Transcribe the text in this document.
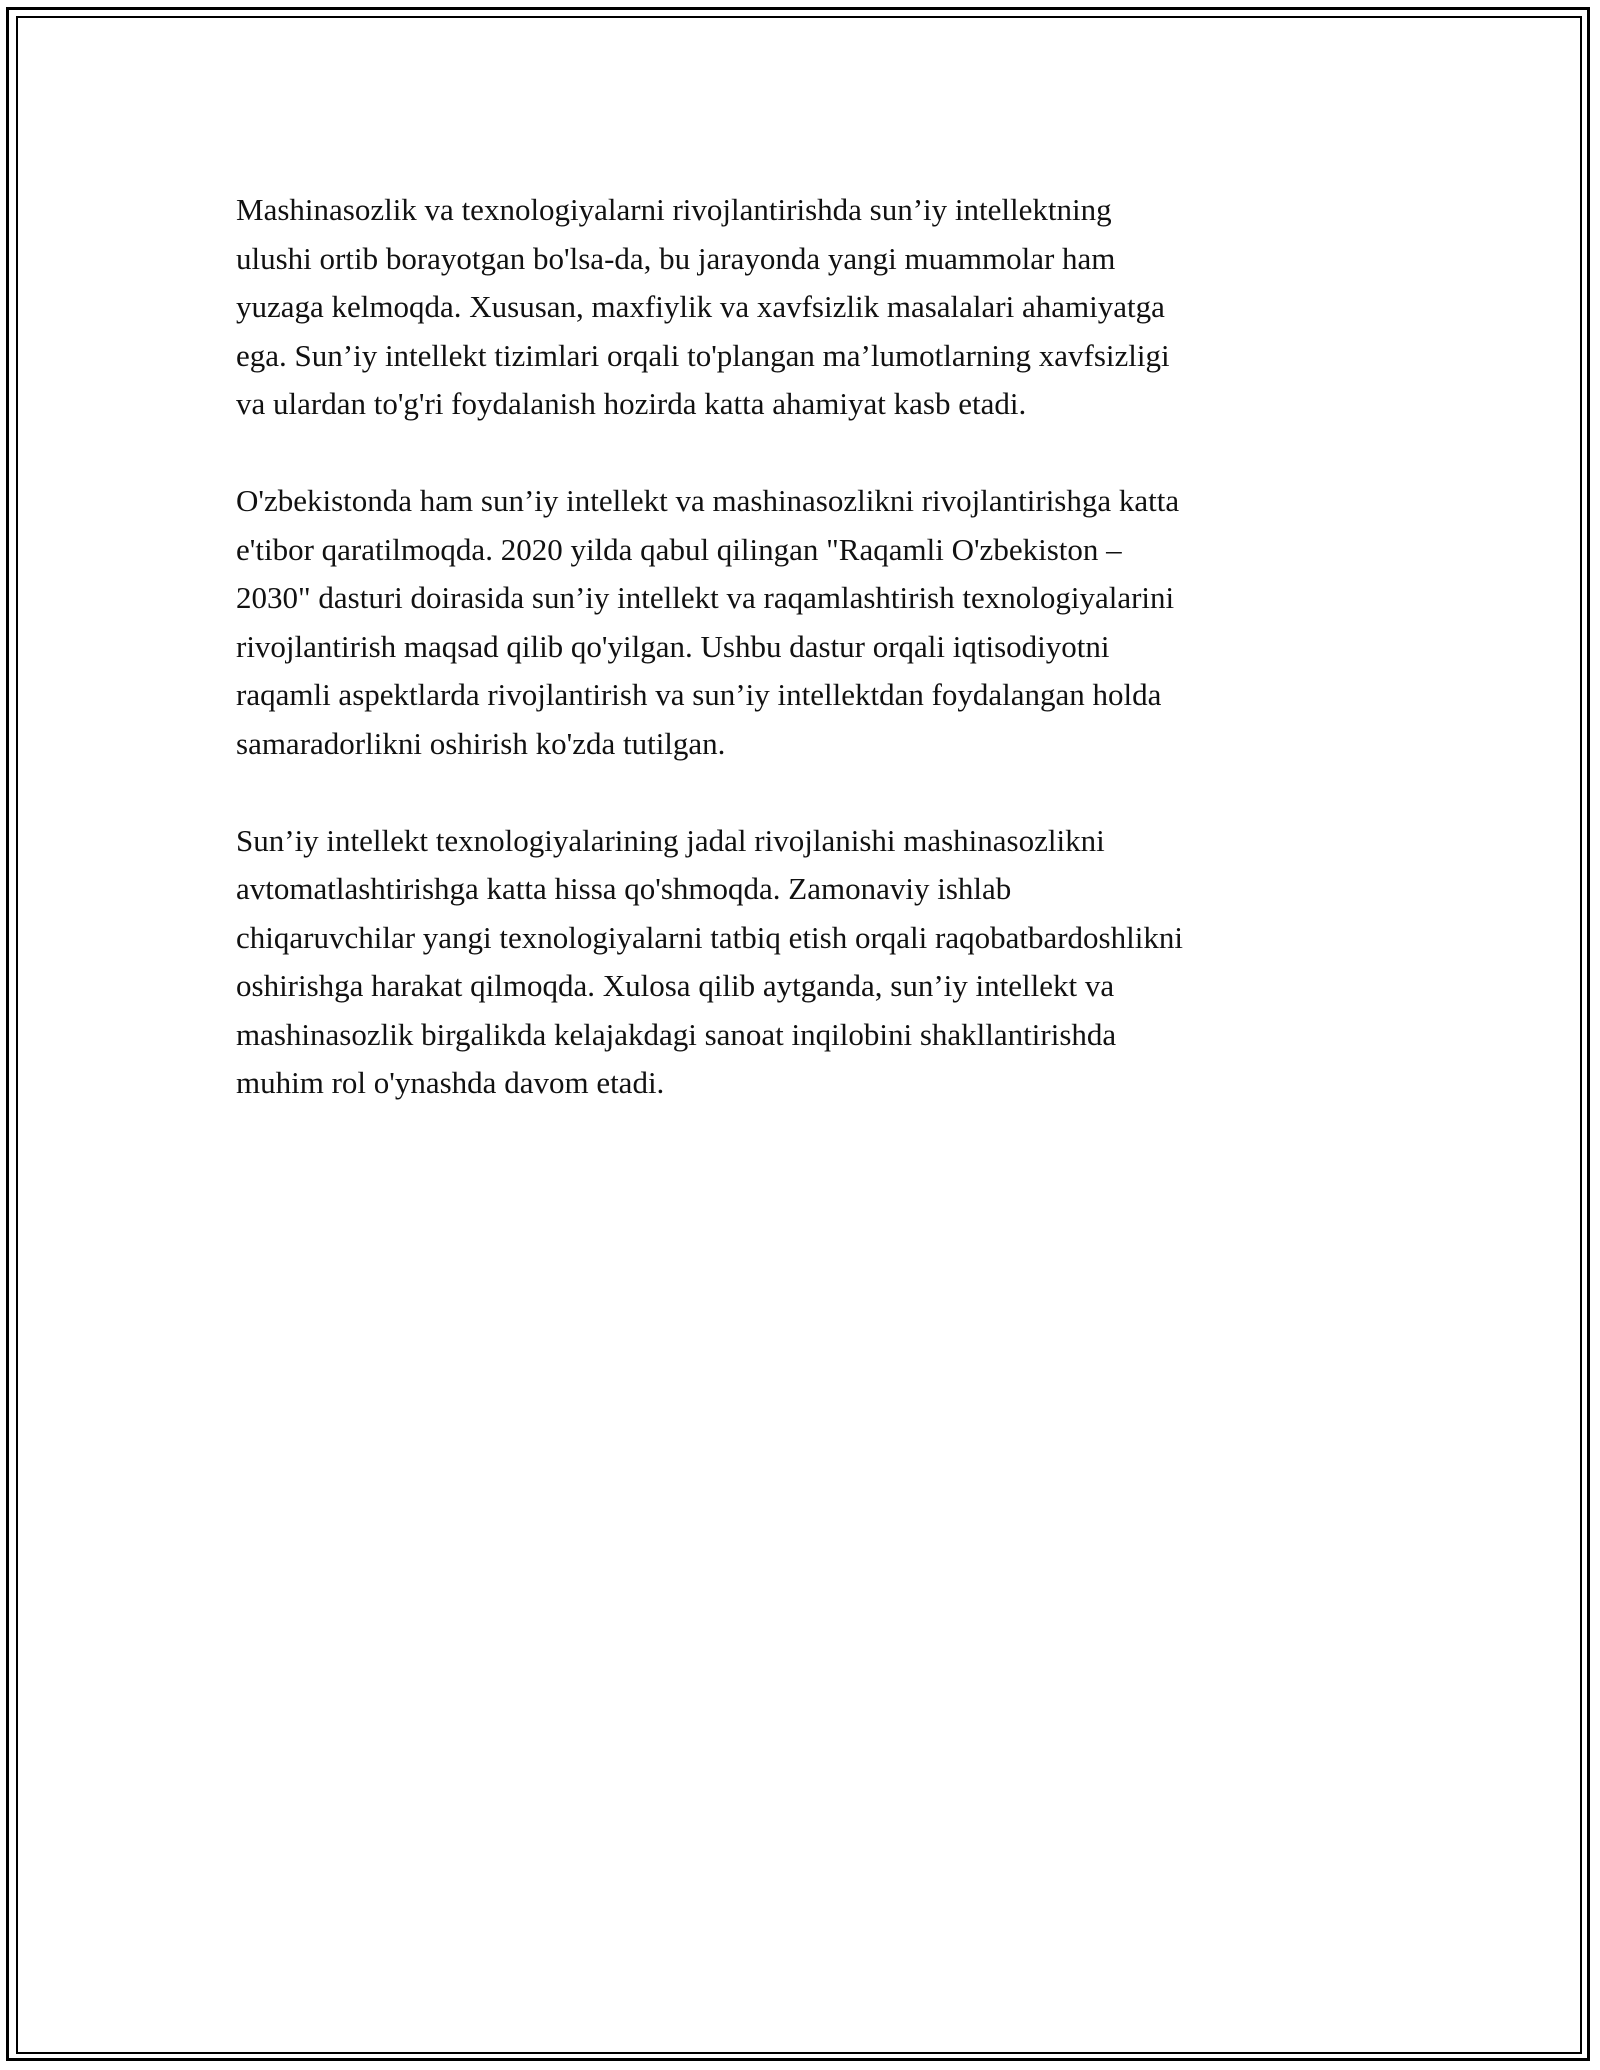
Mashinasozlik va texnologiyalarni rivojlantirishda sun’iy intellektning
ulushi ortib borayotgan bo'lsa-da, bu jarayonda yangi muammolar ham
yuzaga kelmoqda. Xususan, maxfiylik va xavfsizlik masalalari ahamiyatga
ega. Sun’iy intellekt tizimlari orqali to'plangan ma’lumotlarning xavfsizligi
va ulardan to'g'ri foydalanish hozirda katta ahamiyat kasb etadi.

O'zbekistonda ham sun’iy intellekt va mashinasozlikni rivojlantirishga katta
e'tibor qaratilmoqda. 2020 yilda qabul qilingan "Raqamli O'zbekiston –
2030" dasturi doirasida sun’iy intellekt va raqamlashtirish texnologiyalarini
rivojlantirish maqsad qilib qo'yilgan. Ushbu dastur orqali iqtisodiyotni
raqamli aspektlarda rivojlantirish va sun’iy intellektdan foydalangan holda
samaradorlikni oshirish ko'zda tutilgan.

Sun’iy intellekt texnologiyalarining jadal rivojlanishi mashinasozlikni
avtomatlashtirishga katta hissa qo'shmoqda. Zamonaviy ishlab
chiqaruvchilar yangi texnologiyalarni tatbiq etish orqali raqobatbardoshlikni
oshirishga harakat qilmoqda. Xulosa qilib aytganda, sun’iy intellekt va
mashinasozlik birgalikda kelajakdagi sanoat inqilobini shakllantirishda
muhim rol o'ynashda davom etadi.
